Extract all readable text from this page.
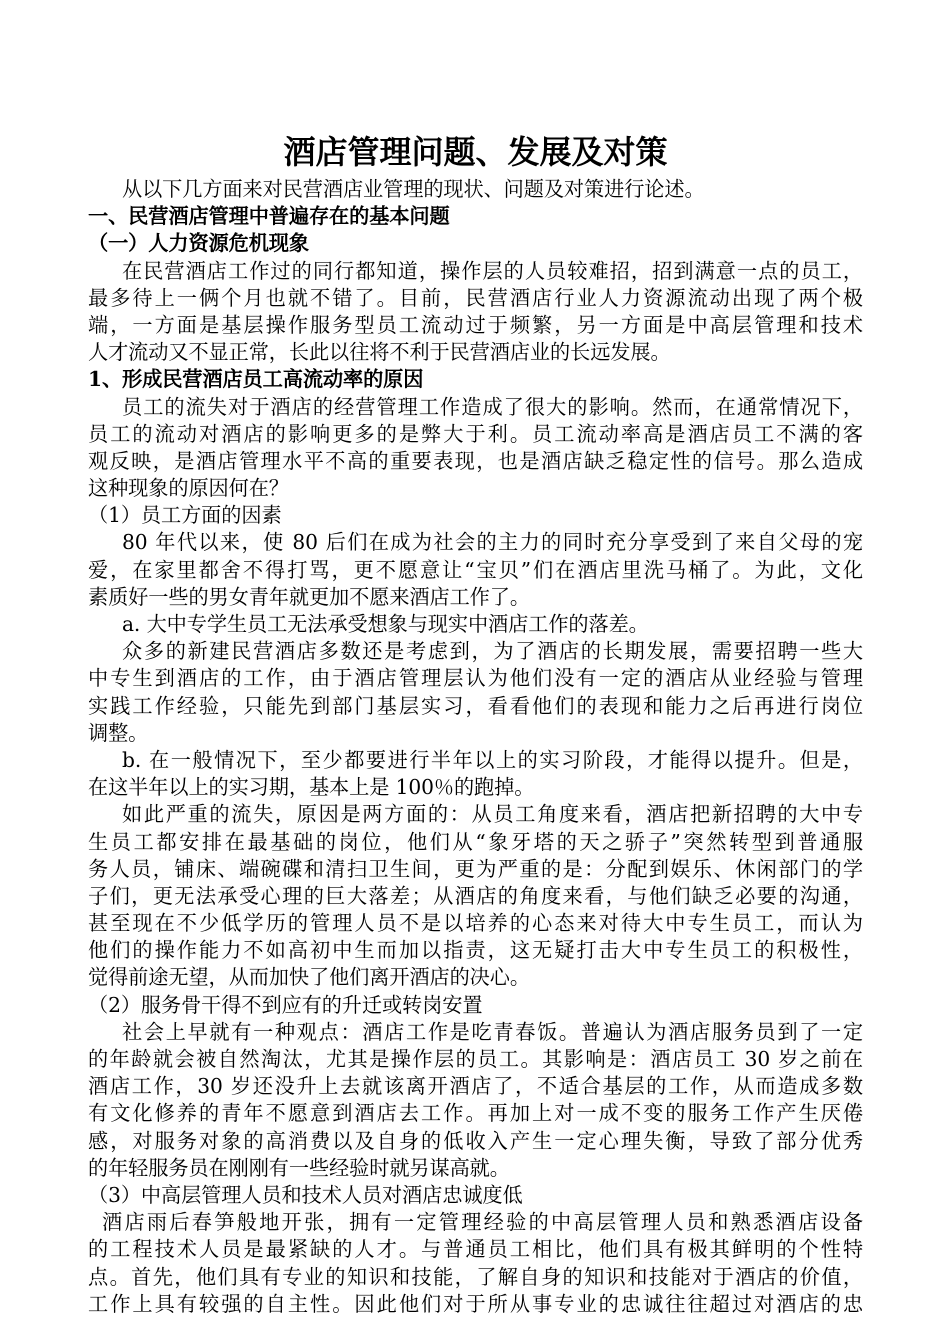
酒店管理问题、发展及对策
从以下几方面来对民营酒店业管理的现状、问题及对策进行论述。
一、民营酒店管理中普遍存在的基本问题
（一）人力资源危机现象
在民营酒店工作过的同行都知道，操作层的人员较难招，招到满意一点的员工，
最多待上一俩个月也就不错了。目前，民营酒店行业人力资源流动出现了两个极
端，一方面是基层操作服务型员工流动过于频繁，另一方面是中高层管理和技术
人才流动又不显正常，长此以往将不利于民营酒店业的长远发展。
1、形成民营酒店员工高流动率的原因
员工的流失对于酒店的经营管理工作造成了很大的影响。然而，在通常情况下，
员工的流动对酒店的影响更多的是弊大于利。员工流动率高是酒店员工不满的客
观反映，是酒店管理水平不高的重要表现，也是酒店缺乏稳定性的信号。那么造成
这种现象的原因何在？
（1）员工方面的因素
80 年代以来，使 80 后们在成为社会的主力的同时充分享受到了来自父母的宠
爱，在家里都舍不得打骂，更不愿意让“宝贝”们在酒店里洗马桶了。为此，文化
素质好一些的男女青年就更加不愿来酒店工作了。
a. 大中专学生员工无法承受想象与现实中酒店工作的落差。
众多的新建民营酒店多数还是考虑到，为了酒店的长期发展，需要招聘一些大
中专生到酒店的工作，由于酒店管理层认为他们没有一定的酒店从业经验与管理
实践工作经验，只能先到部门基层实习，看看他们的表现和能力之后再进行岗位
调整。
b. 在一般情况下，至少都要进行半年以上的实习阶段，才能得以提升。但是，
在这半年以上的实习期，基本上是 100％的跑掉。
如此严重的流失，原因是两方面的：从员工角度来看，酒店把新招聘的大中专
生员工都安排在最基础的岗位，他们从“象牙塔的天之骄子”突然转型到普通服
务人员，铺床、端碗碟和清扫卫生间，更为严重的是：分配到娱乐、休闲部门的学
子们，更无法承受心理的巨大落差；从酒店的角度来看，与他们缺乏必要的沟通，
甚至现在不少低学历的管理人员不是以培养的心态来对待大中专生员工，而认为
他们的操作能力不如高初中生而加以指责，这无疑打击大中专生员工的积极性，
觉得前途无望，从而加快了他们离开酒店的决心。
（2）服务骨干得不到应有的升迁或转岗安置
社会上早就有一种观点：酒店工作是吃青春饭。普遍认为酒店服务员到了一定
的年龄就会被自然淘汰，尤其是操作层的员工。其影响是：酒店员工 30 岁之前在
酒店工作，30 岁还没升上去就该离开酒店了，不适合基层的工作，从而造成多数
有文化修养的青年不愿意到酒店去工作。再加上对一成不变的服务工作产生厌倦
感，对服务对象的高消费以及自身的低收入产生一定心理失衡，导致了部分优秀
的年轻服务员在刚刚有一些经验时就另谋高就。
（3）中高层管理人员和技术人员对酒店忠诚度低
酒店雨后春笋般地开张，拥有一定管理经验的中高层管理人员和熟悉酒店设备
的工程技术人员是最紧缺的人才。与普通员工相比，他们具有极其鲜明的个性特
点。首先，他们具有专业的知识和技能，了解自身的知识和技能对于酒店的价值，
工作上具有较强的自主性。因此他们对于所从事专业的忠诚往往超过对酒店的忠
